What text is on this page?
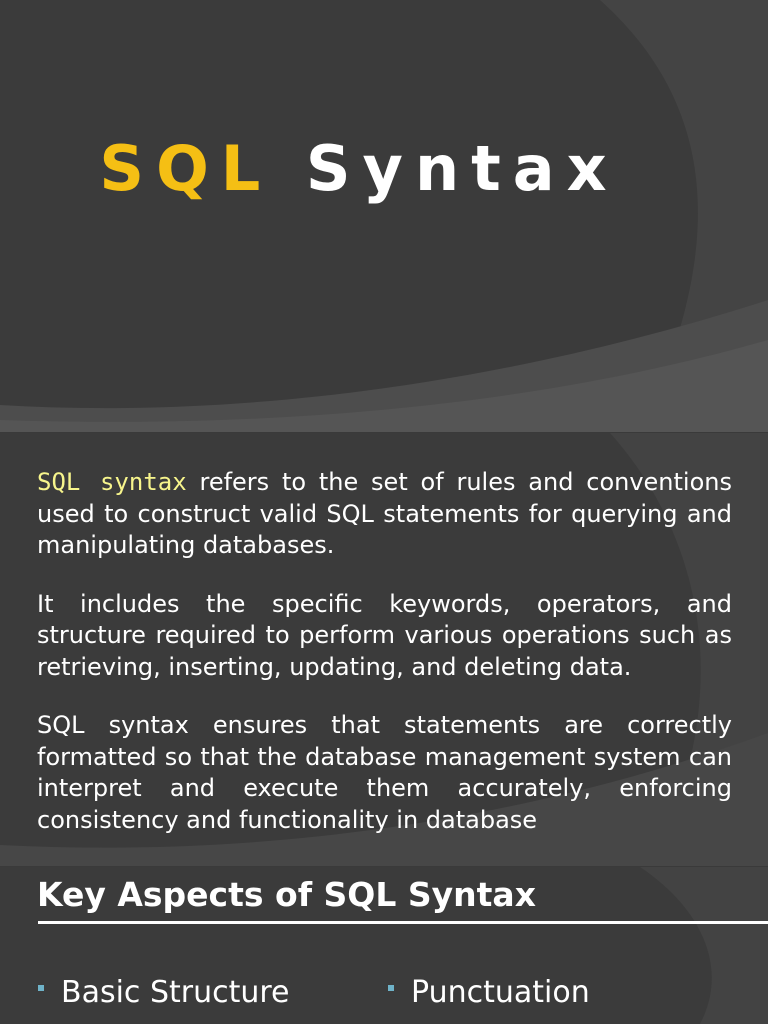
SQL Syntax

SQL syntax refers to the set of rules and conventions used to construct valid SQL statements for querying and manipulating databases.

It includes the specific keywords, operators, and structure required to perform various operations such as retrieving, inserting, updating, and deleting data.

SQL syntax ensures that statements are correctly formatted so that the database management system can interpret and execute them accurately, enforcing consistency and functionality in database

Key Aspects of SQL Syntax
Basic Structure	Punctuation
